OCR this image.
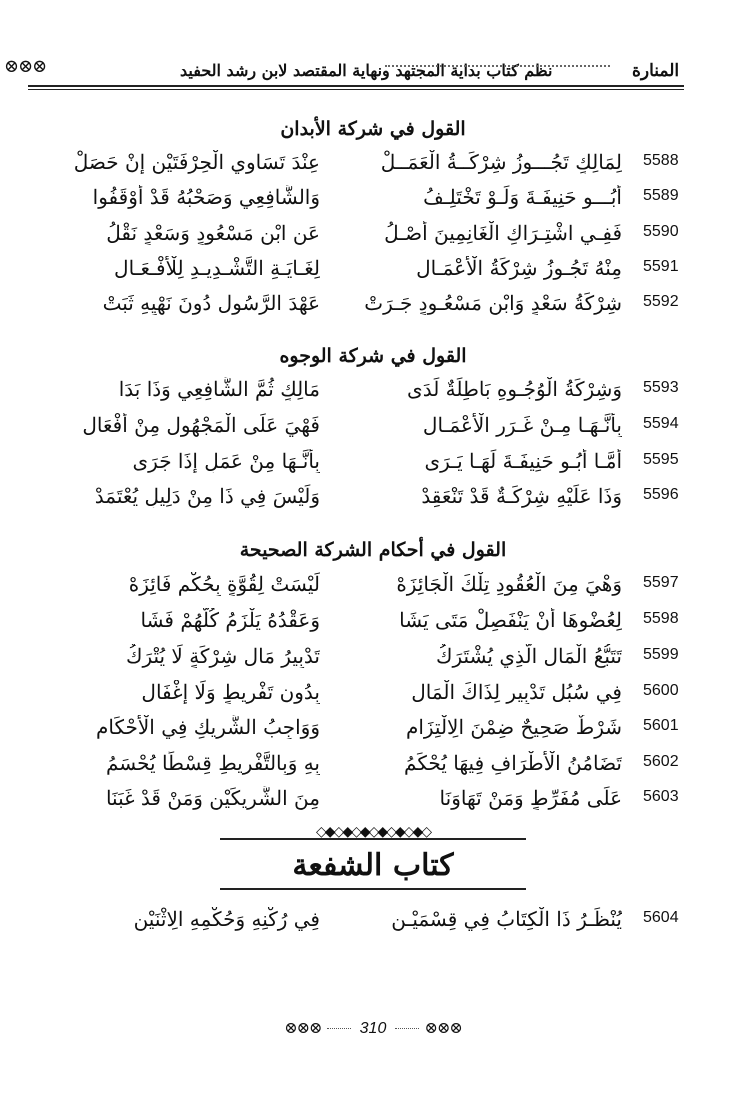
⊗⊗⊗	نظم كتاب بداية المجتهد ونهاية المقتصد لابن رشد الحفيد	المنارة
القول في شركة الأبدان
5588
لِمَالِكٍ تَجُـــوزُ شِرْكَــةُ الْعَمَــلْ
عِنْدَ تَسَاوِي الْحِرْفَتَيْنِ إِنْ حَصَلْ
5589
أَبُـــو حَنِيفَـةَ وَلَـوْ تَخْتَلِـفُ
وَالشَّافِعِي وَصَحْبُهُ قَدْ أَوْقَفُوا
5590
فَفِـي اشْتِـرَاكِ الْغَانِمِينَ أَصْـلُ
عَنِ ابْنِ مَسْعُودٍ وَسَعْدٍ نَقْلُ
5591
مِنْهُ تَجُـوزُ شِرْكَةُ الْأَعْمَـالِ
لِغَـايَـةِ التَّشْـدِيـدِ لِلْأَفْـعَـالِ
5592
شِرْكَةُ سَعْدٍ وَابْنِ مَسْعُـودٍ جَـرَتْ
عَهْدَ الرَّسُولِ دُونَ نَهْيِهِ ثَبَتْ
القول في شركة الوجوه
5593
وَشِرْكَةُ الْوُجُـوهِ بَاطِلَةٌ لَدَى
مَالِكٍ ثُمَّ الشَّافِعِي وَذَا بَدَا
5594
بِأَنَّـهَـا مِـنْ غَـرَرِ الْأَعْمَـالِ
فَهْيَ عَلَى الْمَجْهُولِ مِنْ أَفْعَالِ
5595
أَمَّـا أَبُـو حَنِيفَـةَ لَهَـا يَـرَى
بِأَنَّـهَا مِنْ عَمَلٍ إِذَا جَرَى
5596
وَذَا عَلَيْهِ شِرْكَـةٌ قَدْ تَنْعَقِدْ
وَلَيْسَ فِي ذَا مِنْ دَلِيلٍ يُعْتَمَدْ
القول في أحكام الشركة الصحيحة
5597
وَهْيَ مِنَ الْعُقُودِ تِلْكَ الْجَائِزَهْ
لَيْسَتْ لِقُوَّةٍ بِحُكْمٍ فَائِزَهْ
5598
لِعُضْوِهَا أَنْ يَنْفَصِلْ مَتَى يَشَا
وَعَقْدُهُ يَلْزَمُ كُلَّهُمْ فَشَا
5599
تَتَبُّعُ الْمَالِ الَّذِي يُشْتَرَكُ
تَدْبِيرُ مَالِ شِرْكَةٍ لَا يُتْرَكُ
5600
فِي سُبُلِ تَدْبِيرِ لِذَاكَ الْمَالِ
بِدُونِ تَفْرِيطٍ وَلَا إِغْفَالِ
5601
شَرْطٌ صَحِيحٌ ضِمْنَ الِالْتِزَامِ
وَوَاجِبُ الشَّرِيكِ فِي الْأَحْكَامِ
5602
تَضَامُنُ الْأَطْرَافِ فِيهَا يُحْكَمُ
بِهِ وَبِالتَّفْرِيطِ قِسْطًا يُحْسَمُ
5603
عَلَى مُفَرِّطٍ وَمَنْ تَهَاوَنَا
مِنَ الشَّرِيكَيْنِ وَمَنْ قَدْ غَبَنَا
◇◆◇◆◇◆◇◆◇◆◇◆◇
كتاب الشفعة
5604
يُنْظَـرُ ذَا الْكِتَابُ فِي قِسْمَيْـنِ
فِي رُكْنِهِ وَحُكْمِهِ الِاثْنَيْنِ
⊗⊗⊗ 310 ⊗⊗⊗
